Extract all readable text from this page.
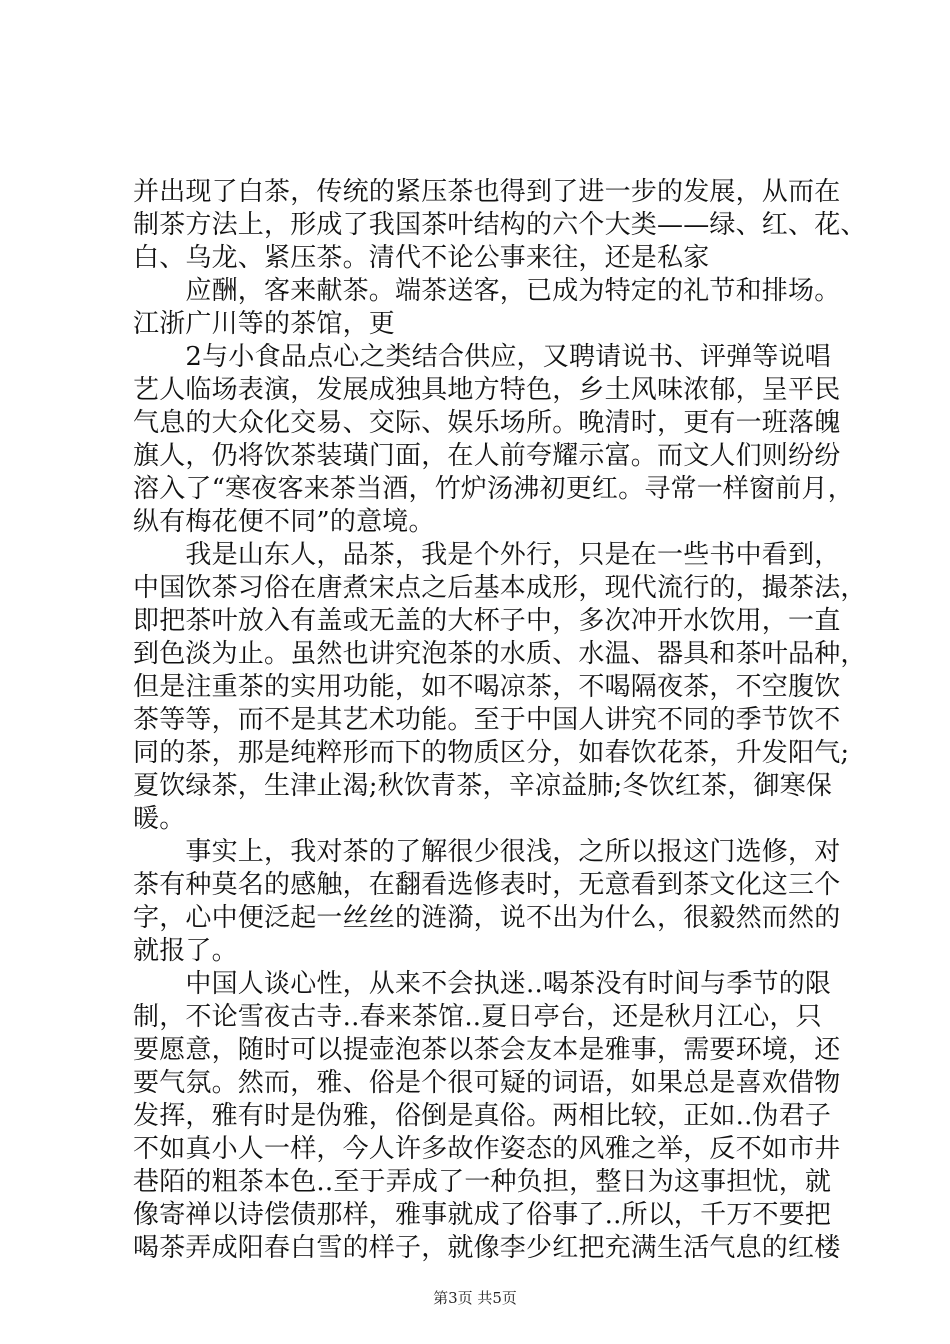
并出现了白茶，传统的紧压茶也得到了进一步的发展，从而在
制茶方法上，形成了我国茶叶结构的六个大类——绿、红、花、
白、乌龙、紧压茶。清代不论公事来往，还是私家
　　应酬，客来献茶。端茶送客，已成为特定的礼节和排场。
江浙广川等的茶馆，更
　　2与小食品点心之类结合供应，又聘请说书、评弹等说唱
艺人临场表演，发展成独具地方特色，乡土风味浓郁，呈平民
气息的大众化交易、交际、娱乐场所。晚清时，更有一班落魄
旗人，仍将饮茶装璜门面，在人前夸耀示富。而文人们则纷纷
溶入了“寒夜客来茶当酒，竹炉汤沸初更红。寻常一样窗前月，
纵有梅花便不同”的意境。
　　我是山东人，品茶，我是个外行，只是在一些书中看到，
中国饮茶习俗在唐煮宋点之后基本成形，现代流行的，撮茶法，
即把茶叶放入有盖或无盖的大杯子中，多次冲开水饮用，一直
到色淡为止。虽然也讲究泡茶的水质、水温、器具和茶叶品种，
但是注重茶的实用功能，如不喝凉茶，不喝隔夜茶，不空腹饮
茶等等，而不是其艺术功能。至于中国人讲究不同的季节饮不
同的茶，那是纯粹形而下的物质区分，如春饮花茶，升发阳气;
夏饮绿茶，生津止渴;秋饮青茶，辛凉益肺;冬饮红茶，御寒保
暖。
　　事实上，我对茶的了解很少很浅，之所以报这门选修，对
茶有种莫名的感触，在翻看选修表时，无意看到茶文化这三个
字，心中便泛起一丝丝的涟漪，说不出为什么，很毅然而然的
就报了。
　　中国人谈心性，从来不会执迷..喝茶没有时间与季节的限
制，不论雪夜古寺..春来茶馆..夏日亭台，还是秋月江心，只
要愿意，随时可以提壶泡茶以茶会友本是雅事，需要环境，还
要气氛。然而，雅、俗是个很可疑的词语，如果总是喜欢借物
发挥，雅有时是伪雅，俗倒是真俗。两相比较，正如..伪君子
不如真小人一样，今人许多故作姿态的风雅之举，反不如市井
巷陌的粗茶本色..至于弄成了一种负担，整日为这事担忧，就
像寄禅以诗偿债那样，雅事就成了俗事了..所以，千万不要把
喝茶弄成阳春白雪的样子，就像李少红把充满生活气息的红楼
第3页 共5页
